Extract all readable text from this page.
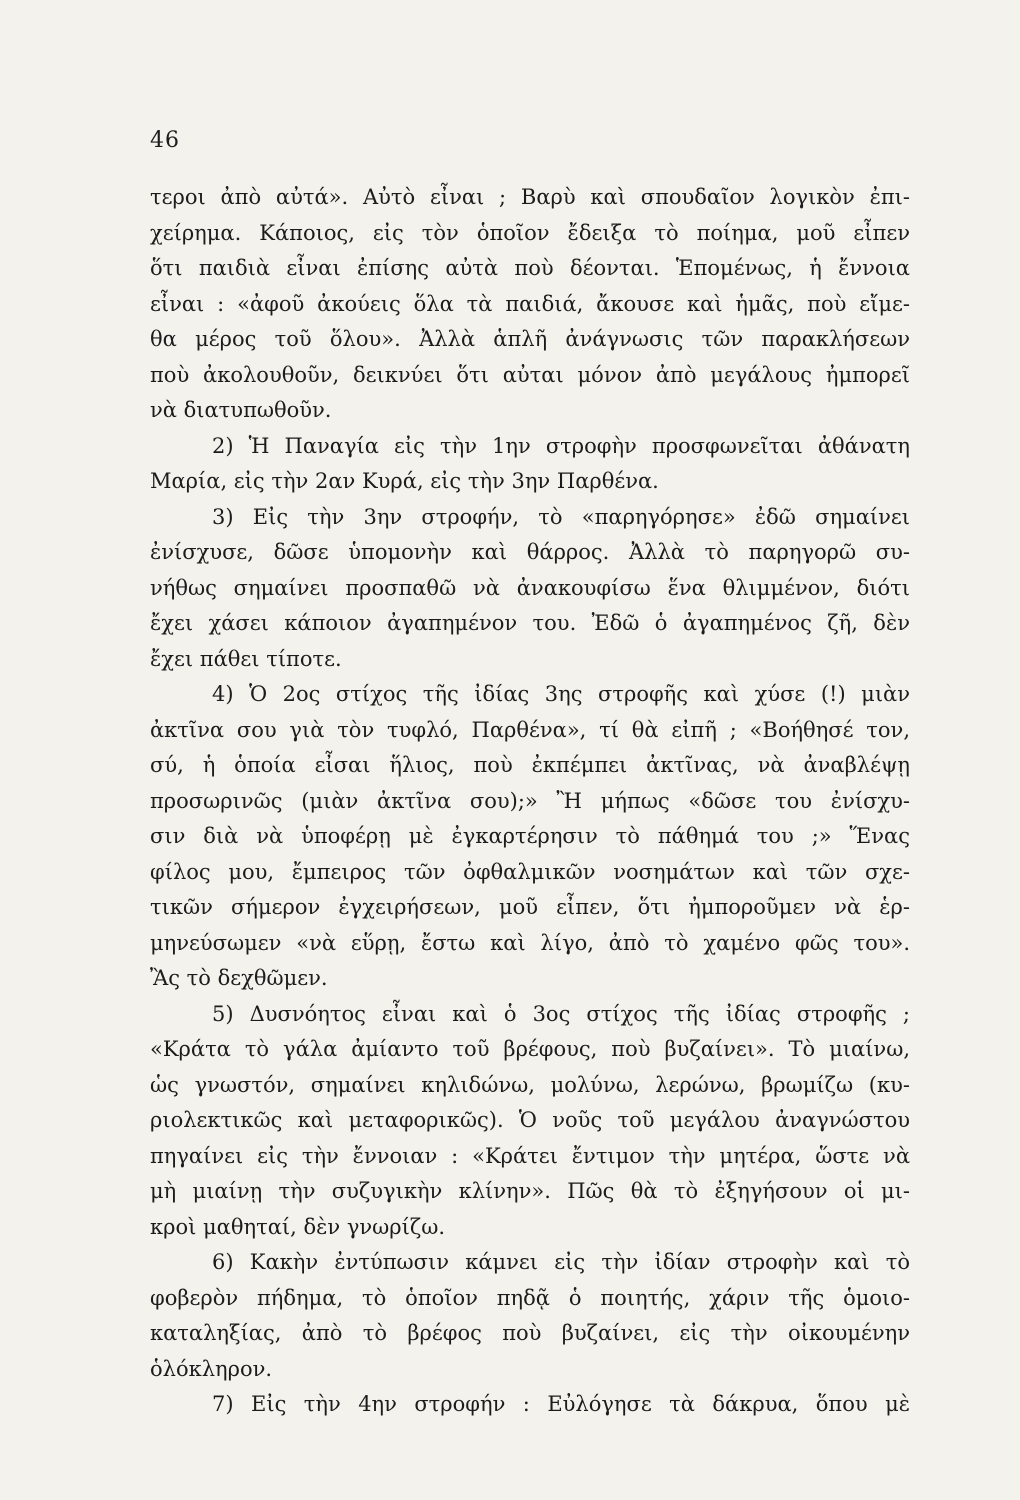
46
τεροι ἀπὸ αὐτά». Αὐτὸ εἶναι ; Βαρὺ καὶ σπουδαῖον λογικὸν ἐπι-
χείρημα. Κάποιος, εἰς τὸν ὁποῖον ἔδειξα τὸ ποίημα, μοῦ εἶπεν
ὅτι παιδιὰ εἶναι ἐπίσης αὐτὰ ποὺ δέονται. Ἑπομένως, ἡ ἔννοια
εἶναι : «ἀφοῦ ἀκούεις ὅλα τὰ παιδιά, ἄκουσε καὶ ἡμᾶς, ποὺ εἴμε-
θα μέρος τοῦ ὅλου». Ἀλλὰ ἁπλῆ ἀνάγνωσις τῶν παρακλήσεων
ποὺ ἀκολουθοῦν, δεικνύει ὅτι αὐται μόνον ἀπὸ μεγάλους ἠμπορεῖ
νὰ διατυπωθοῦν.
2) Ἡ Παναγία εἰς τὴν 1ην στροφὴν προσφωνεῖται ἀθάνατη
Μαρία, εἰς τὴν 2αν Κυρά, εἰς τὴν 3ην Παρθένα.
3) Εἰς τὴν 3ην στροφήν, τὸ «παρηγόρησε» ἐδῶ σημαίνει
ἐνίσχυσε, δῶσε ὑπομονὴν καὶ θάρρος. Ἀλλὰ τὸ παρηγορῶ συ-
νήθως σημαίνει προσπαθῶ νὰ ἀνακουφίσω ἕνα θλιμμένον, διότι
ἔχει χάσει κάποιον ἀγαπημένον του. Ἐδῶ ὁ ἀγαπημένος ζῆ, δὲν
ἔχει πάθει τίποτε.
4) Ὁ 2ος στίχος τῆς ἰδίας 3ης στροφῆς καὶ χύσε (!) μιὰν
ἀκτῖνα σου γιὰ τὸν τυφλό, Παρθένα», τί θὰ εἰπῆ ; «Βοήθησέ τον,
σύ, ἡ ὁποία εἶσαι ἥλιος, ποὺ ἐκπέμπει ἀκτῖνας, νὰ ἀναβλέψῃ
προσωρινῶς (μιὰν ἀκτῖνα σου);» Ἢ μήπως «δῶσε του ἐνίσχυ-
σιν διὰ νὰ ὑποφέρῃ μὲ ἐγκαρτέρησιν τὸ πάθημά του ;» Ἕνας
φίλος μου, ἔμπειρος τῶν ὀφθαλμικῶν νοσημάτων καὶ τῶν σχε-
τικῶν σήμερον ἐγχειρήσεων, μοῦ εἶπεν, ὅτι ἠμποροῦμεν νὰ ἑρ-
μηνεύσωμεν «νὰ εὕρῃ, ἔστω καὶ λίγο, ἀπὸ τὸ χαμένο φῶς του».
Ἂς τὸ δεχθῶμεν.
5) Δυσνόητος εἶναι καὶ ὁ 3ος στίχος τῆς ἰδίας στροφῆς ;
«Κράτα τὸ γάλα ἀμίαντο τοῦ βρέφους, ποὺ βυζαίνει». Τὸ μιαίνω,
ὡς γνωστόν, σημαίνει κηλιδώνω, μολύνω, λερώνω, βρωμίζω (κυ-
ριολεκτικῶς καὶ μεταφορικῶς). Ὁ νοῦς τοῦ μεγάλου ἀναγνώστου
πηγαίνει εἰς τὴν ἔννοιαν : «Κράτει ἔντιμον τὴν μητέρα, ὥστε νὰ
μὴ μιαίνῃ τὴν συζυγικὴν κλίνην». Πῶς θὰ τὸ ἐξηγήσουν οἱ μι-
κροὶ μαθηταί, δὲν γνωρίζω.
6) Κακὴν ἐντύπωσιν κάμνει εἰς τὴν ἰδίαν στροφὴν καὶ τὸ
φοβερὸν πήδημα, τὸ ὁποῖον πηδᾷ ὁ ποιητής, χάριν τῆς ὁμοιο-
καταληξίας, ἀπὸ τὸ βρέφος ποὺ βυζαίνει, εἰς τὴν οἰκουμένην
ὁλόκληρον.
7) Εἰς τὴν 4ην στροφήν : Εὐλόγησε τὰ δάκρυα, ὅπου μὲ
